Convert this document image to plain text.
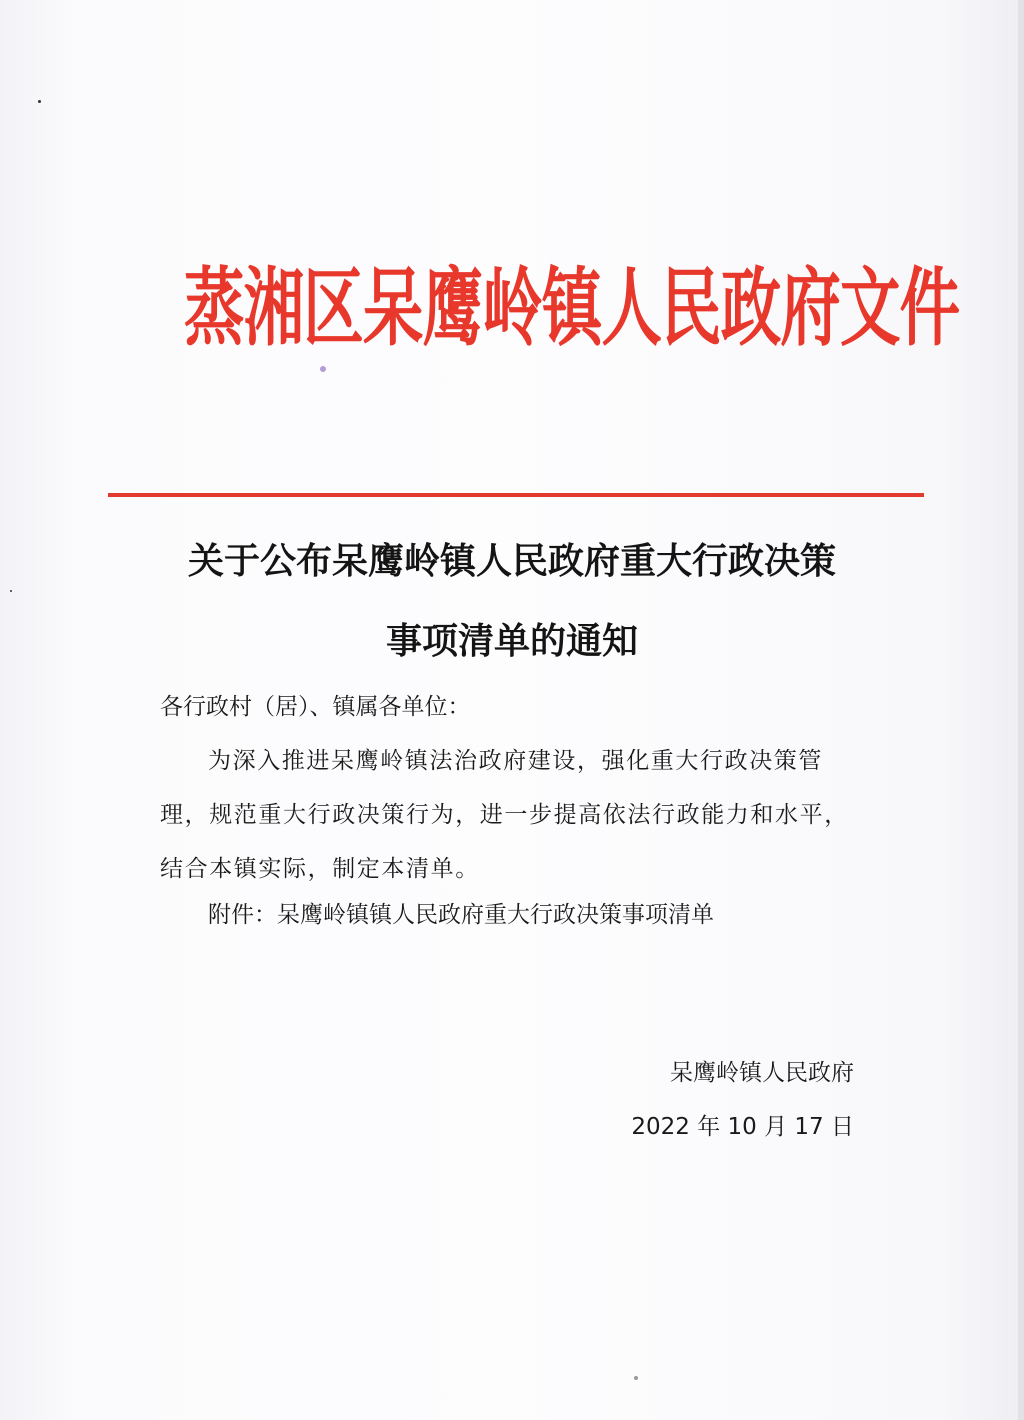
蒸湘区呆鹰岭镇人民政府文件
关于公布呆鹰岭镇人民政府重大行政决策
事项清单的通知
各行政村（居）、镇属各单位：
为深入推进呆鹰岭镇法治政府建设，强化重大行政决策管理，规范重大行政决策行为，进一步提高依法行政能力和水平，结合本镇实际，制定本清单。
附件：呆鹰岭镇镇人民政府重大行政决策事项清单
呆鹰岭镇人民政府
2022 年 10 月 17 日
